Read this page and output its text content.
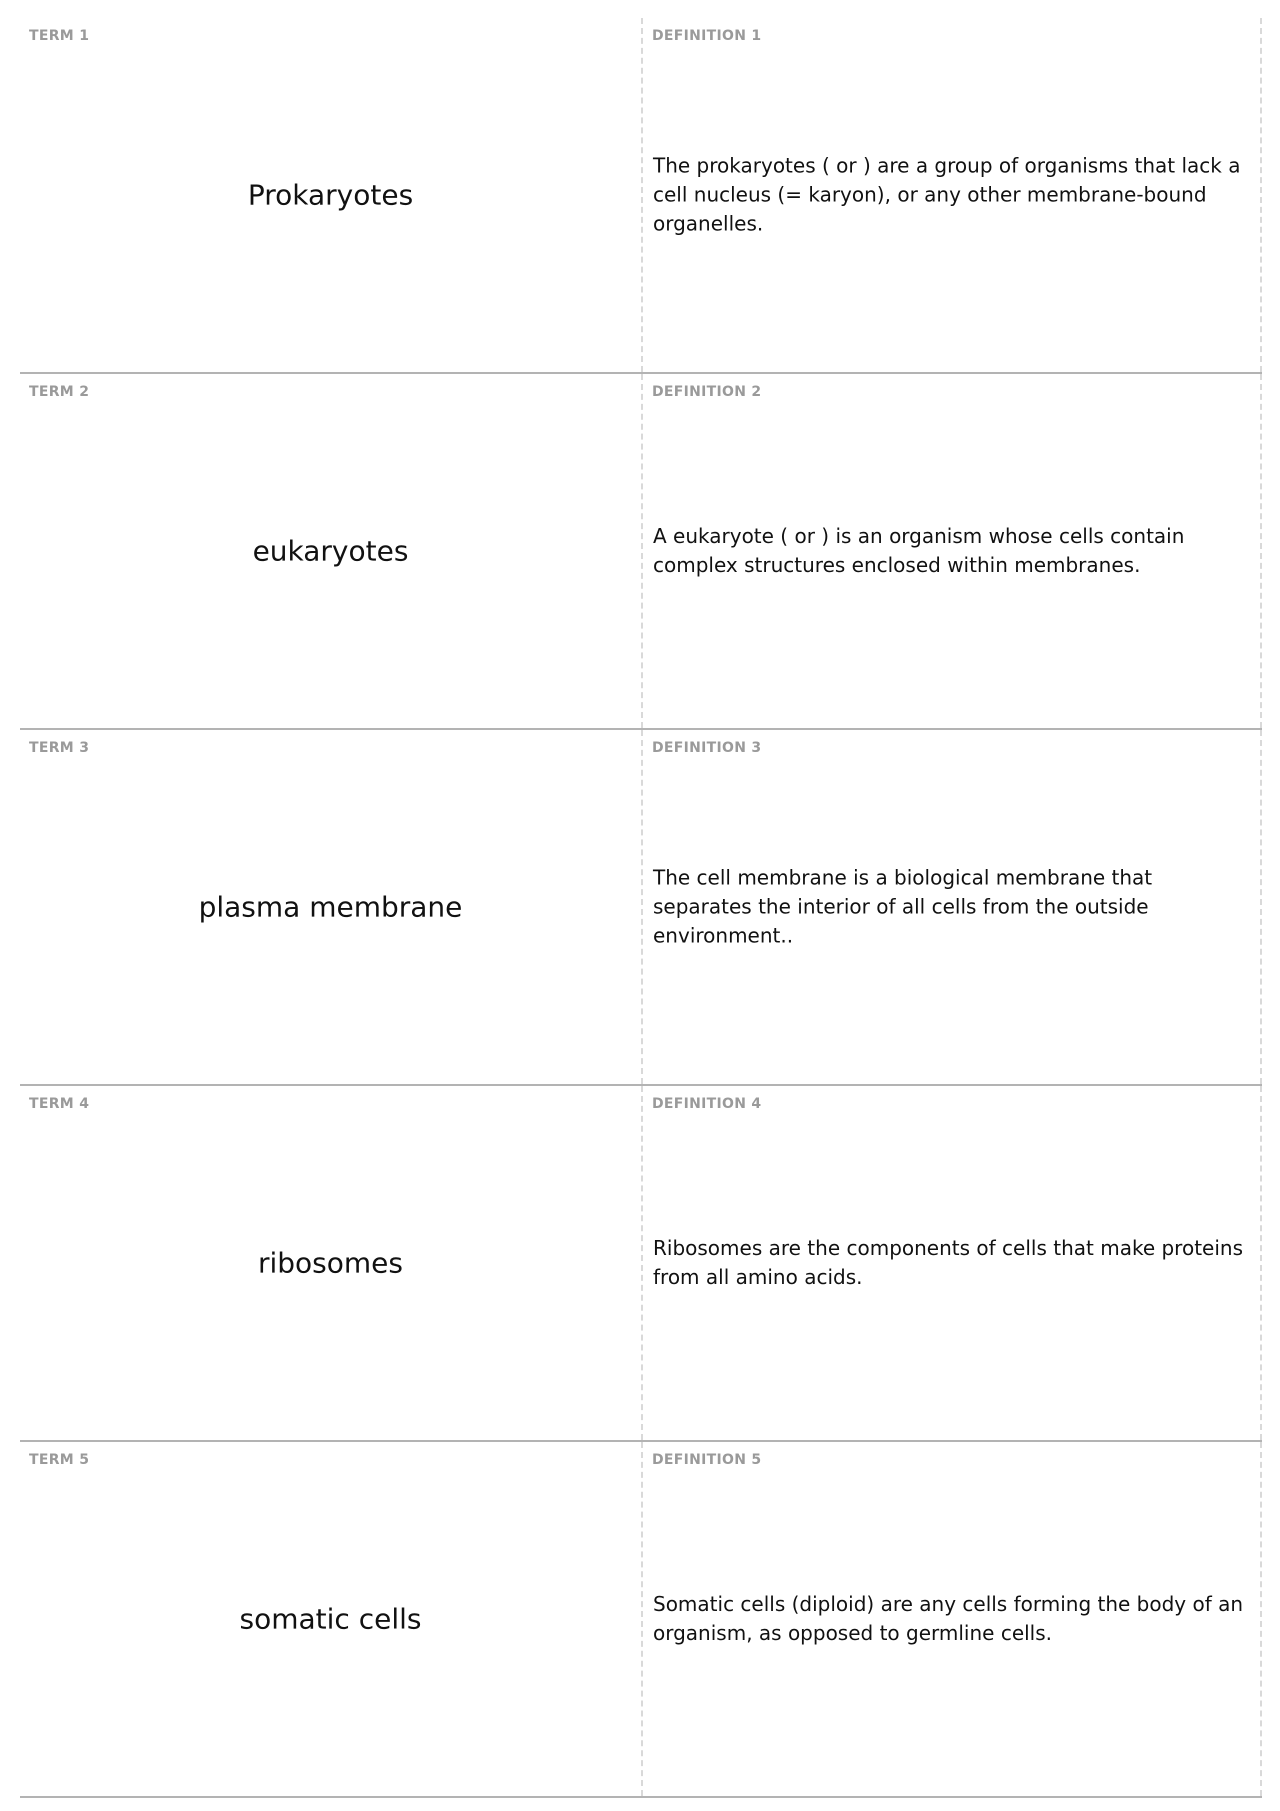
TERM 1
Prokaryotes
DEFINITION 1
The prokaryotes ( or ) are a group of organisms that lack a cell nucleus (= karyon), or any other membrane-bound organelles.
TERM 2
eukaryotes
DEFINITION 2
A eukaryote ( or ) is an organism whose cells contain complex structures enclosed within membranes.
TERM 3
plasma membrane
DEFINITION 3
The cell membrane is a biological membrane that separates the interior of all cells from the outside environment..
TERM 4
ribosomes
DEFINITION 4
Ribosomes are the components of cells that make proteins from all amino acids.
TERM 5
somatic cells
DEFINITION 5
Somatic cells (diploid) are any cells forming the body of an organism, as opposed to germline cells.
